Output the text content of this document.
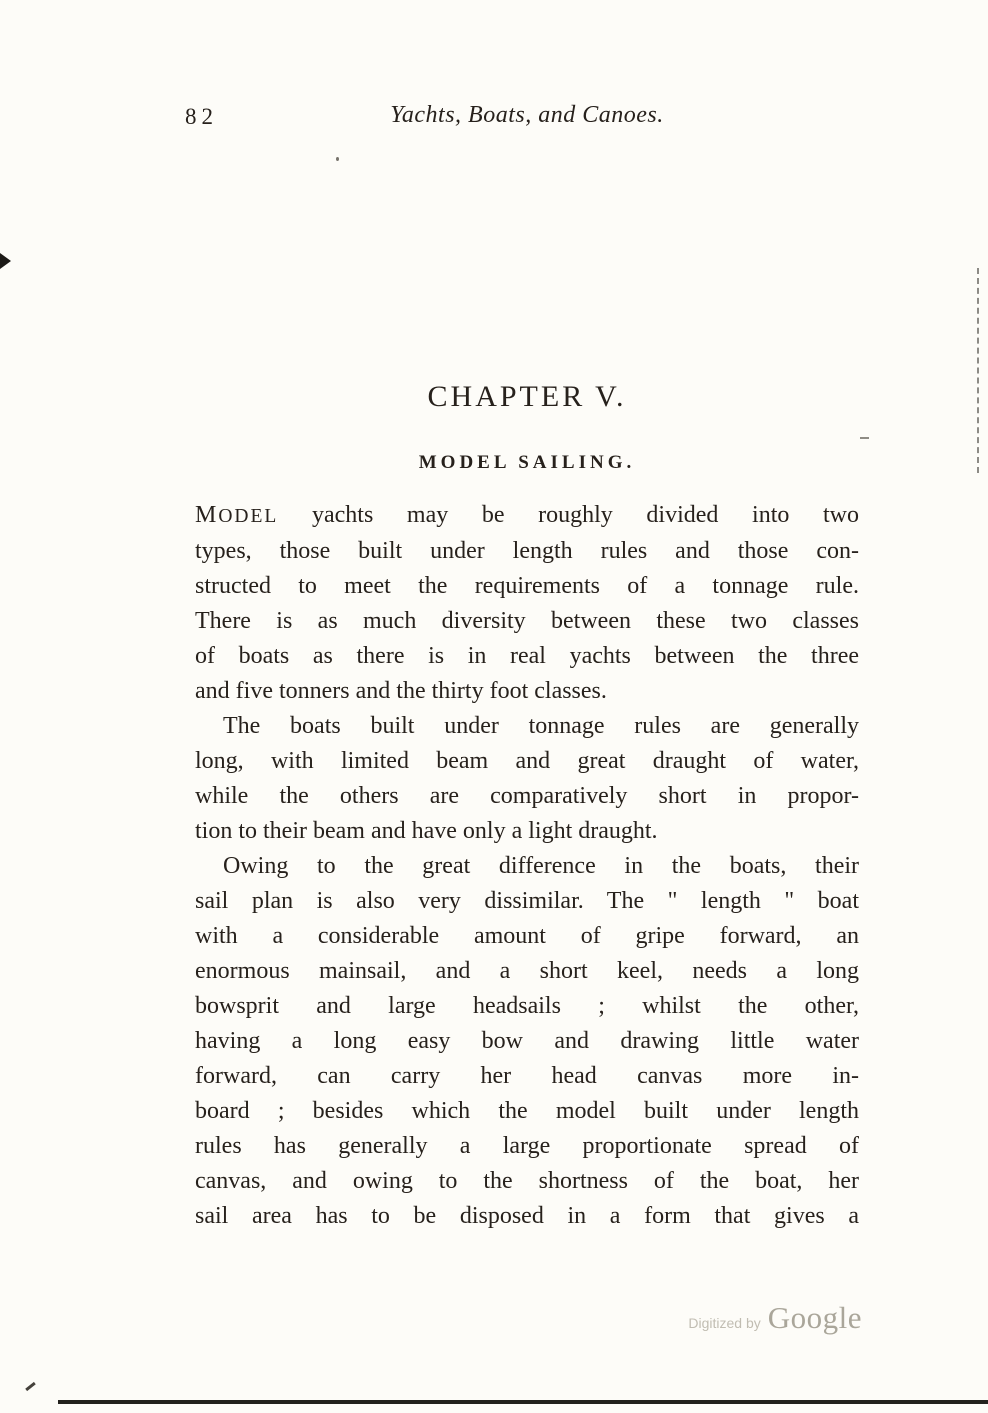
82	Yachts, Boats, and Canoes.
CHAPTER V.
MODEL SAILING.
MODEL yachts may be roughly divided into two
types, those built under length rules and those con-
structed to meet the requirements of a tonnage rule.
There is as much diversity between these two classes
of boats as there is in real yachts between the three
and five tonners and the thirty foot classes.
The boats built under tonnage rules are generally
long, with limited beam and great draught of water,
while the others are comparatively short in propor-
tion to their beam and have only a light draught.
Owing to the great difference in the boats, their
sail plan is also very dissimilar. The " length " boat
with a considerable amount of gripe forward, an
enormous mainsail, and a short keel, needs a long
bowsprit and large headsails ; whilst the other,
having a long easy bow and drawing little water
forward, can carry her head canvas more in-
board ; besides which the model built under length
rules has generally a large proportionate spread of
canvas, and owing to the shortness of the boat, her
sail area has to be disposed in a form that gives a
Digitized by Google
